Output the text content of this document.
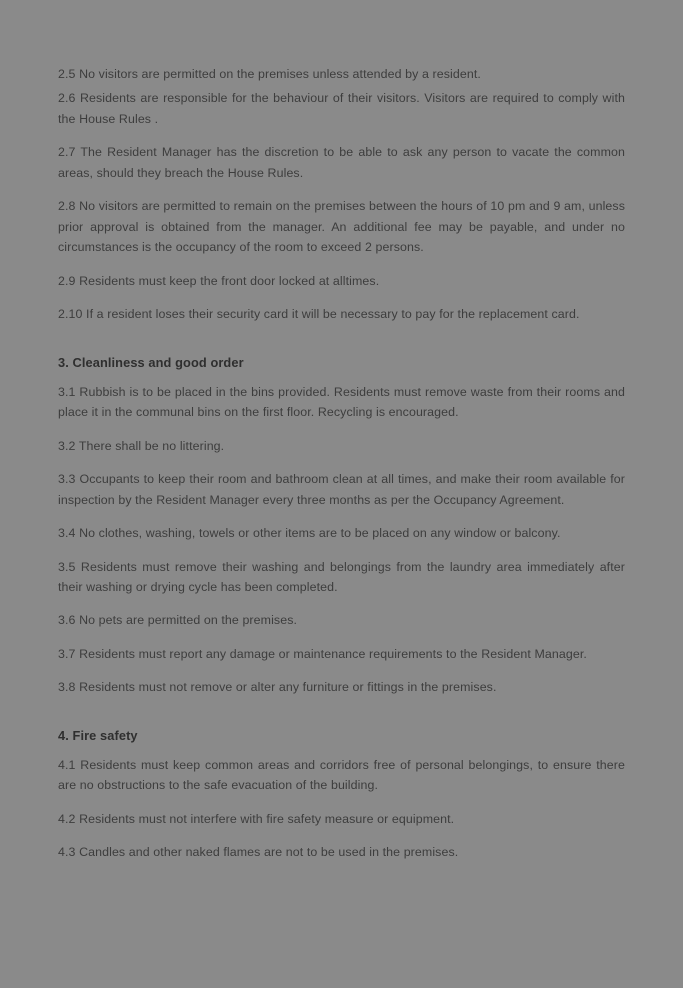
2.5 No visitors are permitted on the premises unless attended by a resident.

2.6 Residents are responsible for the behaviour of their visitors. Visitors are required to comply with the House Rules .

2.7 The Resident Manager has the discretion to be able to ask any person to vacate the common areas, should they breach the House Rules.

2.8 No visitors are permitted to remain on the premises between the hours of 10 pm and 9 am, unless prior approval is obtained from the manager. An additional fee may be payable, and under no circumstances is the occupancy of the room to exceed 2 persons.

2.9 Residents must keep the front door locked at alltimes.

2.10 If a resident loses their security card it will be necessary to pay for the replacement card.

3. Cleanliness and good order

3.1 Rubbish is to be placed in the bins provided. Residents must remove waste from their rooms and place it in the communal bins on the first floor. Recycling is encouraged.

3.2 There shall be no littering.

3.3 Occupants to keep their room and bathroom clean at all times, and make their room available for inspection by the Resident Manager every three months as per the Occupancy Agreement.

3.4 No clothes, washing, towels or other items are to be placed on any window or balcony.

3.5 Residents must remove their washing and belongings from the laundry area immediately after their washing or drying cycle has been completed.

3.6 No pets are permitted on the premises.

3.7 Residents must report any damage or maintenance requirements to the Resident Manager.

3.8 Residents must not remove or alter any furniture or fittings in the premises.

4. Fire safety

4.1 Residents must keep common areas and corridors free of personal belongings, to ensure there are no obstructions to the safe evacuation of the building.

4.2 Residents must not interfere with fire safety measure or equipment.

4.3 Candles and other naked flames are not to be used in the premises.
